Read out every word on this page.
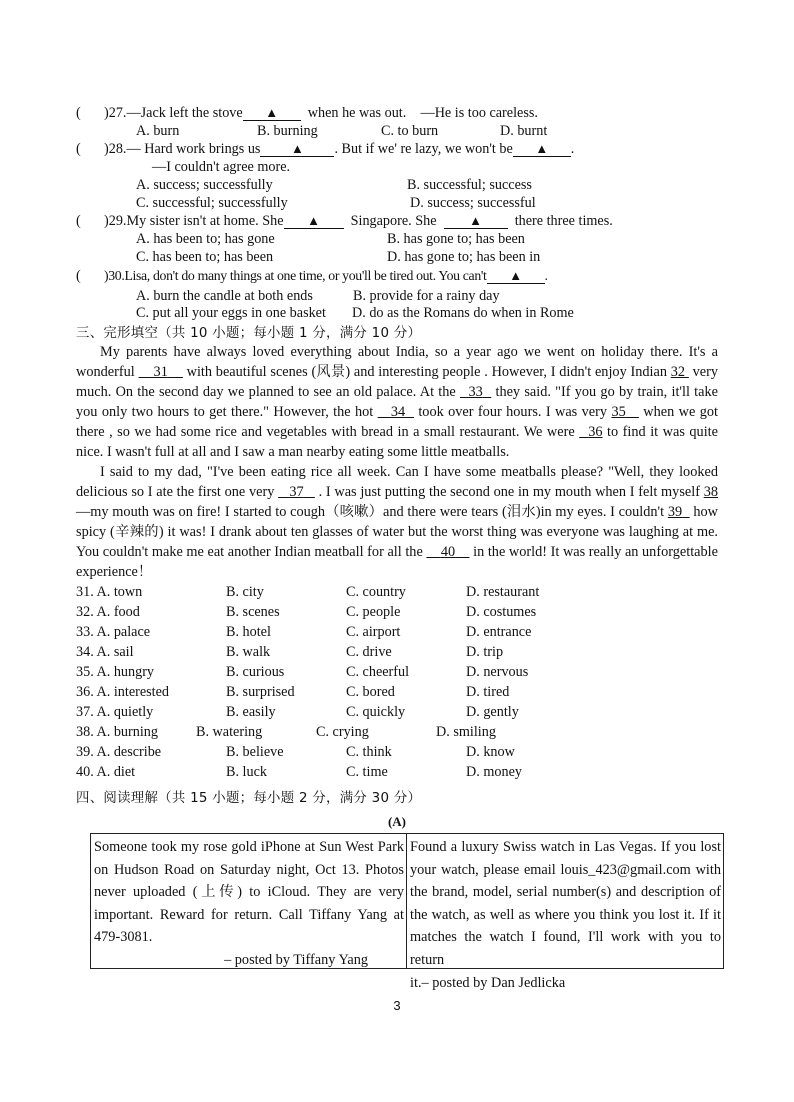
( )27.—Jack left the stove ▲ when he was out. —He is too careless.
A. burn	B. burning	C. to burn	D. burnt
( )28.— Hard work brings us ▲ . But if we' re lazy, we won't be ▲ .
—I couldn't agree more.
A. success; successfully	B. successful; success
C. successful; successfully	D. success; successful
( )29.My sister isn't at home. She ▲ Singapore. She	▲ there three times.
A. has been to; has gone	B. has gone to; has been
C. has been to; has been	D. has gone to; has been in
( )30.Lisa, don't do many things at one time, or you'll be tired out. You can't ▲ .
A. burn the candle at both ends	B. provide for a rainy day
C. put all your eggs in one basket D. do as the Romans do when in Rome
三、完形填空（共 10 小题；每小题 1 分，满分 10 分）

My parents have always loved everything about India, so a year ago we went on holiday there. It's a wonderful     31     with beautiful scenes (风景) and interesting people . However, I didn't enjoy Indian 32  very much. On the second day we planned to see an old palace. At the   33   they said. "If you go by train, it'll take you only two hours to get there." However, the hot    34   took over four hours. I was very 35    when we got there , so we had some rice and vegetables with bread in a small restaurant. We were   36 to find it was quite nice. I wasn't full at all and I saw a man nearby eating some little meatballs.

I said to my dad, "I've been eating rice all week. Can I have some meatballs please? "Well, they looked delicious so I ate the first one very    37    . I was just putting the second one in my mouth when I felt myself 38—my mouth was on fire! I started to cough（咳嗽）and there were tears (泪水)in my eyes. I couldn't 39   how spicy (辛辣的) it was! I drank about ten glasses of water but the worst thing was everyone was laughing at me. You couldn't make me eat another Indian meatball for all the     40     in the world! It was really an unforgettable experience！

31. A. town	B. city	C. country	D. restaurant
32. A. food	B. scenes	C. people	D. costumes
33. A. palace	B. hotel	C. airport	D. entrance
34. A. sail	B. walk	C. drive	D. trip
35. A. hungry	B. curious	C. cheerful	D. nervous
36. A. interested	B. surprised	C. bored	D. tired
37. A. quietly	B. easily	C. quickly	D. gently
38. A. burning	B. watering	C. crying	D. smiling
39. A. describe	B. believe	C. think	D. know
40. A. diet	B. luck	C. time	D. money
四、阅读理解（共 15 小题；每小题 2 分，满分 30 分）
(A)
Someone took my rose gold iPhone at Sun West Park on Hudson Road on Saturday night, Oct 13. Photos never uploaded (上传) to iCloud. They are very important. Reward for return. Call Tiffany Yang at 479-3081.
– posted by Tiffany Yang
Found a luxury Swiss watch in Las Vegas. If you lost your watch, please email louis_423@gmail.com with the brand, model, serial number(s) and description of the watch, as well as where you think you lost it. If it matches the watch I found, I'll work with you to return
it.– posted by Dan Jedlicka
3
